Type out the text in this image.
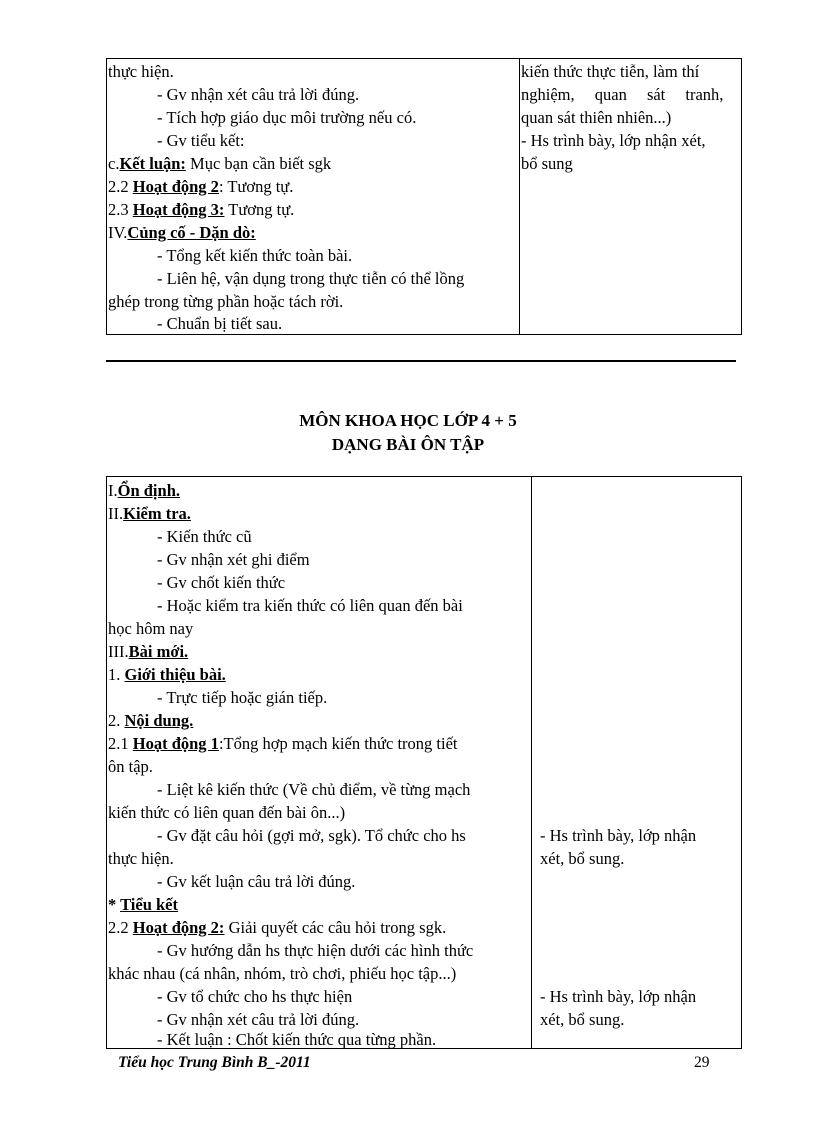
thực hiện.
- Gv nhận xét câu trả lời đúng.
- Tích hợp giáo dục môi trường nếu có.
- Gv tiểu kết:
c.Kết luận: Mục bạn cần biết sgk
2.2 Hoạt động 2: Tương tự.
2.3 Hoạt động 3: Tương tự.
IV.Củng cố - Dặn dò:
- Tổng kết kiến thức toàn bài.
- Liên hệ, vận dụng trong thực tiễn có thể lồng
ghép trong từng phần hoặc tách rời.
- Chuẩn bị tiết sau.
kiến thức thực tiễn, làm thí
nghiệm, quan sát tranh,
quan sát thiên nhiên...)
- Hs trình bày, lớp nhận xét,
bổ sung
MÔN KHOA HỌC LỚP 4 + 5
DẠNG BÀI ÔN TẬP
I.Ổn định.
II.Kiểm tra.
- Kiến thức cũ
- Gv nhận xét ghi điểm
- Gv chốt kiến thức
- Hoặc kiểm tra kiến thức có liên quan đến bài
học hôm nay
III.Bài mới.
1. Giới thiệu bài.
- Trực tiếp hoặc gián tiếp.
2. Nội dung.
2.1 Hoạt động 1:Tổng hợp mạch kiến thức trong tiết
ôn tập.
- Liệt kê kiến thức (Về chủ điểm, về từng mạch
kiến thức có liên quan đến bài ôn...)
- Gv đặt câu hỏi (gợi mở, sgk). Tổ chức cho hs
thực hiện.
- Gv kết luận câu trả lời đúng.
* Tiểu kết
2.2 Hoạt động 2: Giải quyết các câu hỏi trong sgk.
- Gv hướng dẫn hs thực hiện dưới các hình thức
khác nhau (cá nhân, nhóm, trò chơi, phiếu học tập...)
- Gv tổ chức cho hs thực hiện
- Gv nhận xét câu trả lời đúng.
- Kết luận : Chốt kiến thức qua từng phần.
- Hs trình bày, lớp nhận
xét, bổ sung.
- Hs trình bày, lớp nhận
xét, bổ sung.
Tiểu học Trung Bình B_-2011	29
